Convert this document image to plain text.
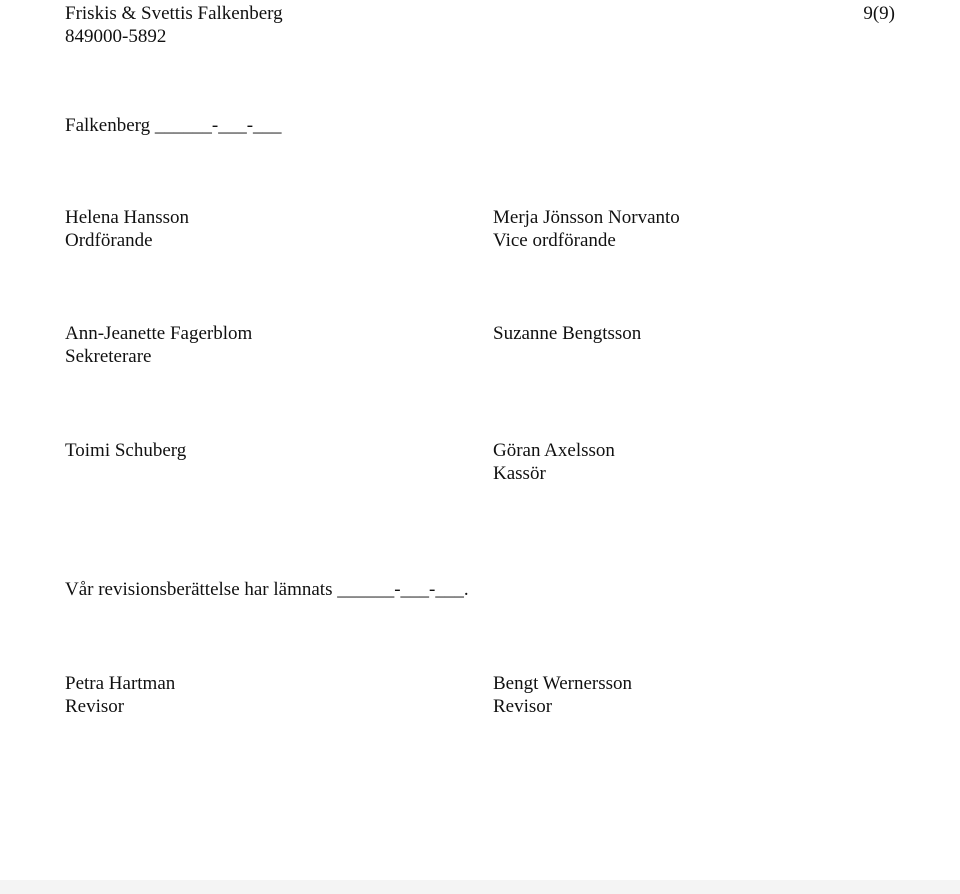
Friskis & Svettis Falkenberg
849000-5892
9(9)
Falkenberg ______-___-___
Helena Hansson
Ordförande
Merja Jönsson Norvanto
Vice ordförande
Ann-Jeanette Fagerblom
Sekreterare
Suzanne Bengtsson
Toimi Schuberg	Göran Axelsson
Kassör
Vår revisionsberättelse har lämnats ______-___-___.
Petra Hartman
Revisor
Bengt Wernersson
Revisor
